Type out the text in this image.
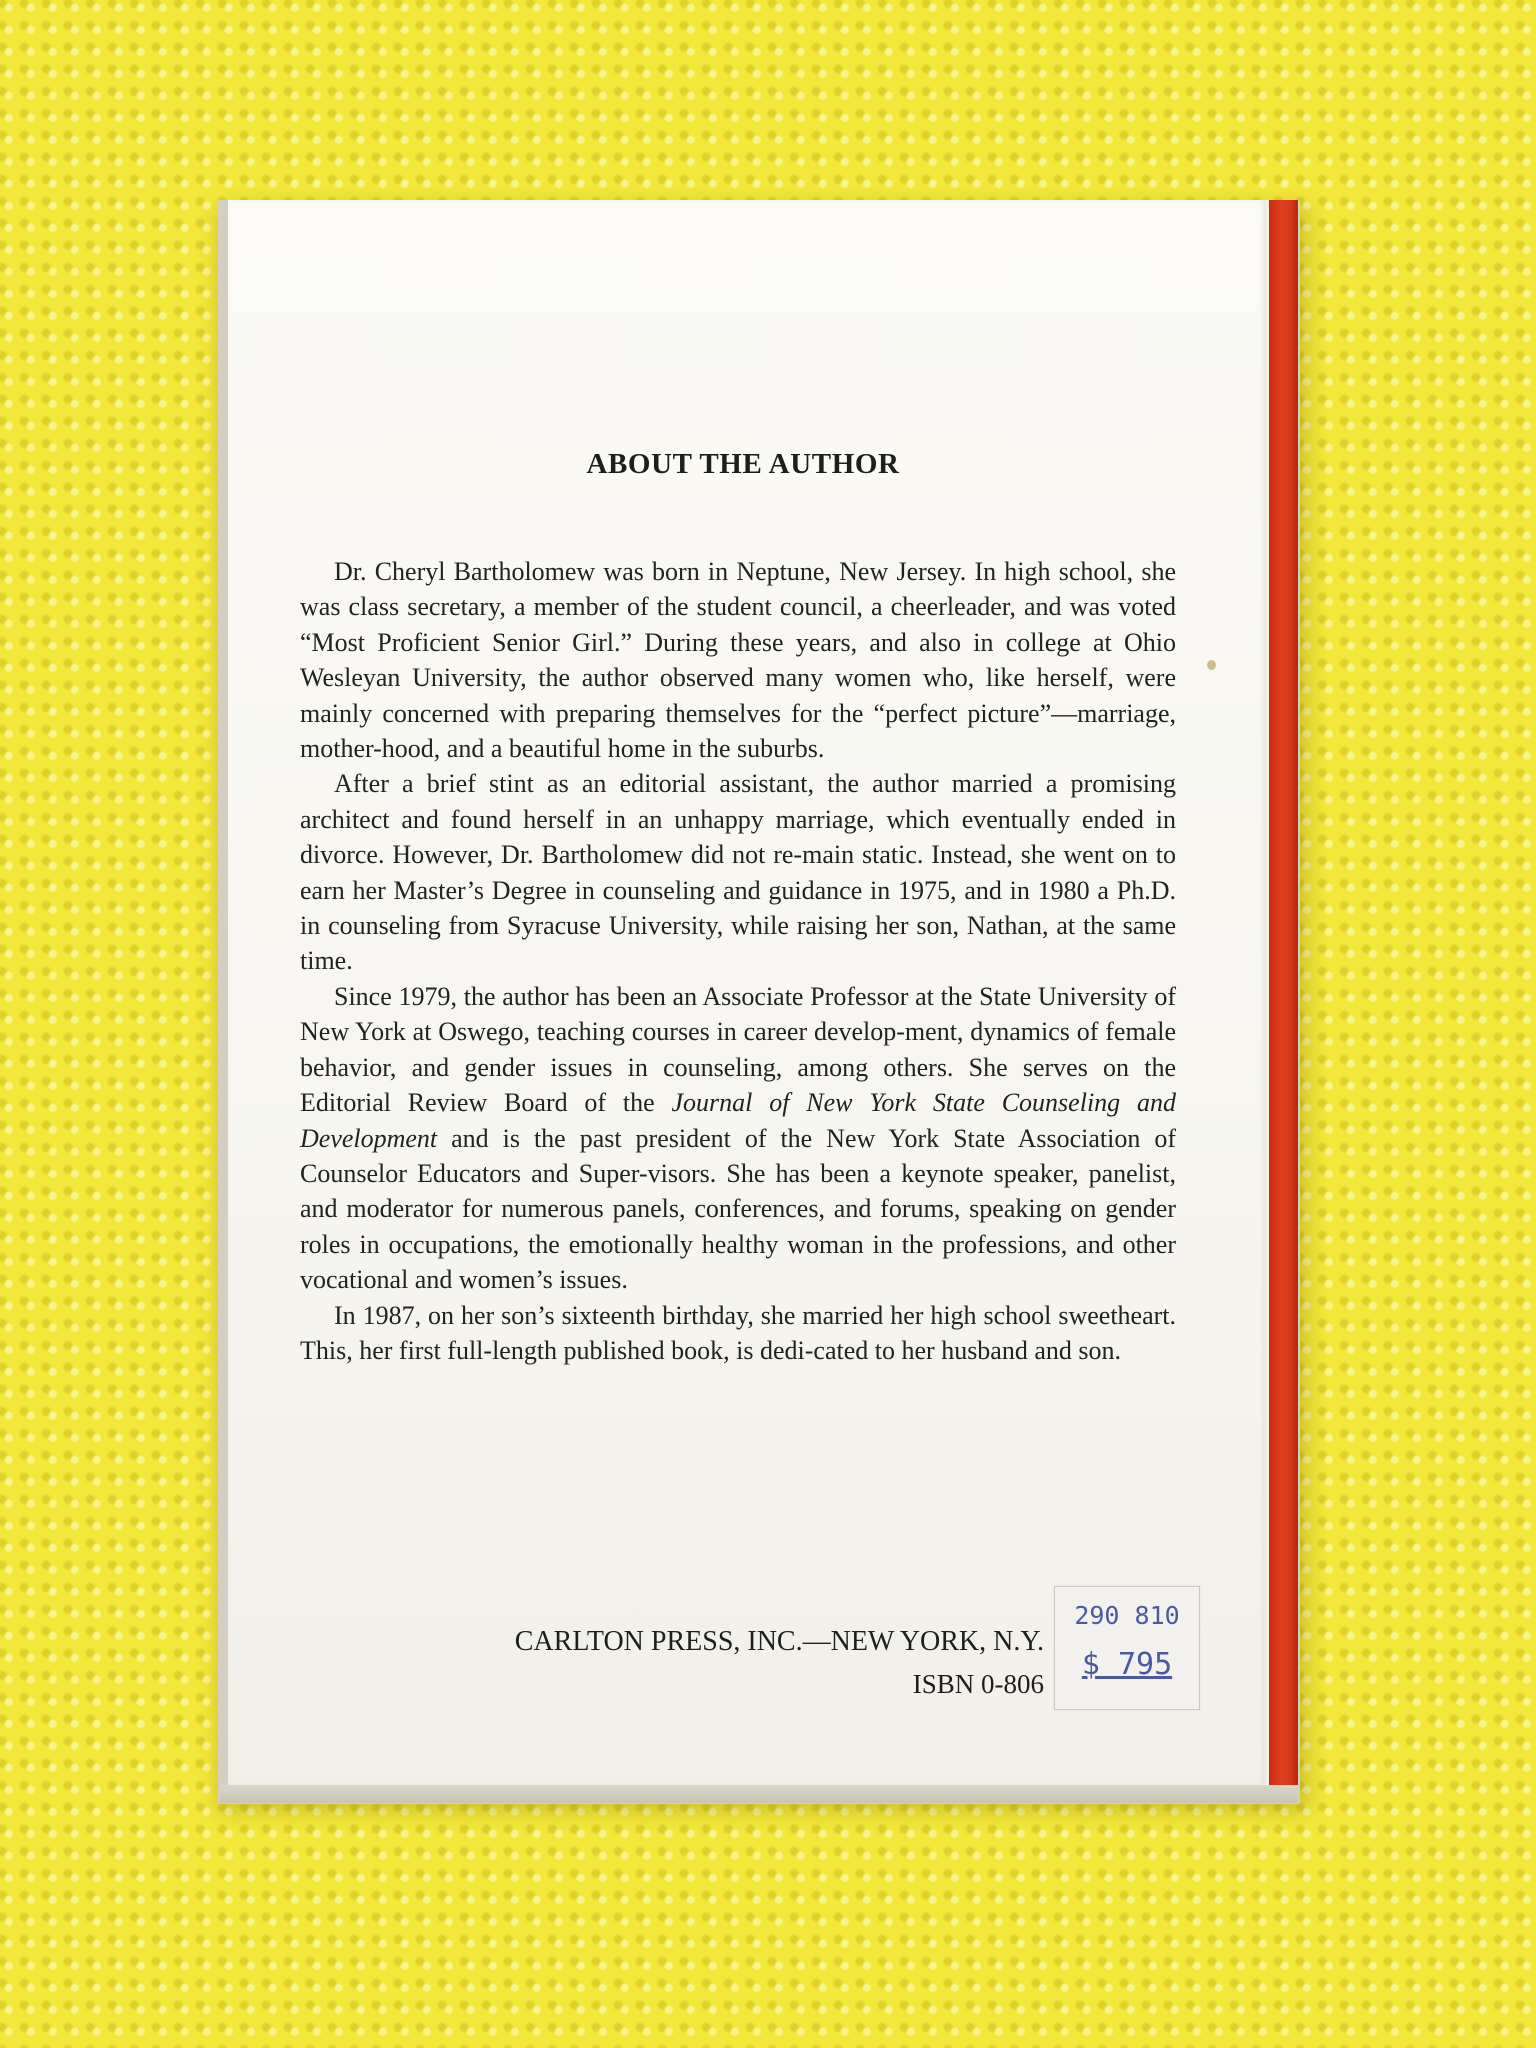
ABOUT THE AUTHOR

Dr. Cheryl Bartholomew was born in Neptune, New Jersey. In high school, she was class secretary, a member of the student council, a cheerleader, and was voted “Most Proficient Senior Girl.” During these years, and also in college at Ohio Wesleyan University, the author observed many women who, like herself, were mainly concerned with preparing themselves for the “perfect picture”—marriage, mother-hood, and a beautiful home in the suburbs.

After a brief stint as an editorial assistant, the author married a promising architect and found herself in an unhappy marriage, which eventually ended in divorce. However, Dr. Bartholomew did not re-main static. Instead, she went on to earn her Master’s Degree in counseling and guidance in 1975, and in 1980 a Ph.D. in counseling from Syracuse University, while raising her son, Nathan, at the same time.

Since 1979, the author has been an Associate Professor at the State University of New York at Oswego, teaching courses in career develop-ment, dynamics of female behavior, and gender issues in counseling, among others. She serves on the Editorial Review Board of the Journal of New York State Counseling and Development and is the past president of the New York State Association of Counselor Educators and Super-visors. She has been a keynote speaker, panelist, and moderator for numerous panels, conferences, and forums, speaking on gender roles in occupations, the emotionally healthy woman in the professions, and other vocational and women’s issues.

In 1987, on her son’s sixteenth birthday, she married her high school sweetheart. This, her first full-length published book, is dedi-cated to her husband and son.

CARLTON PRESS, INC.—NEW YORK, N.Y.

ISBN 0-806

290 810
$ 795
